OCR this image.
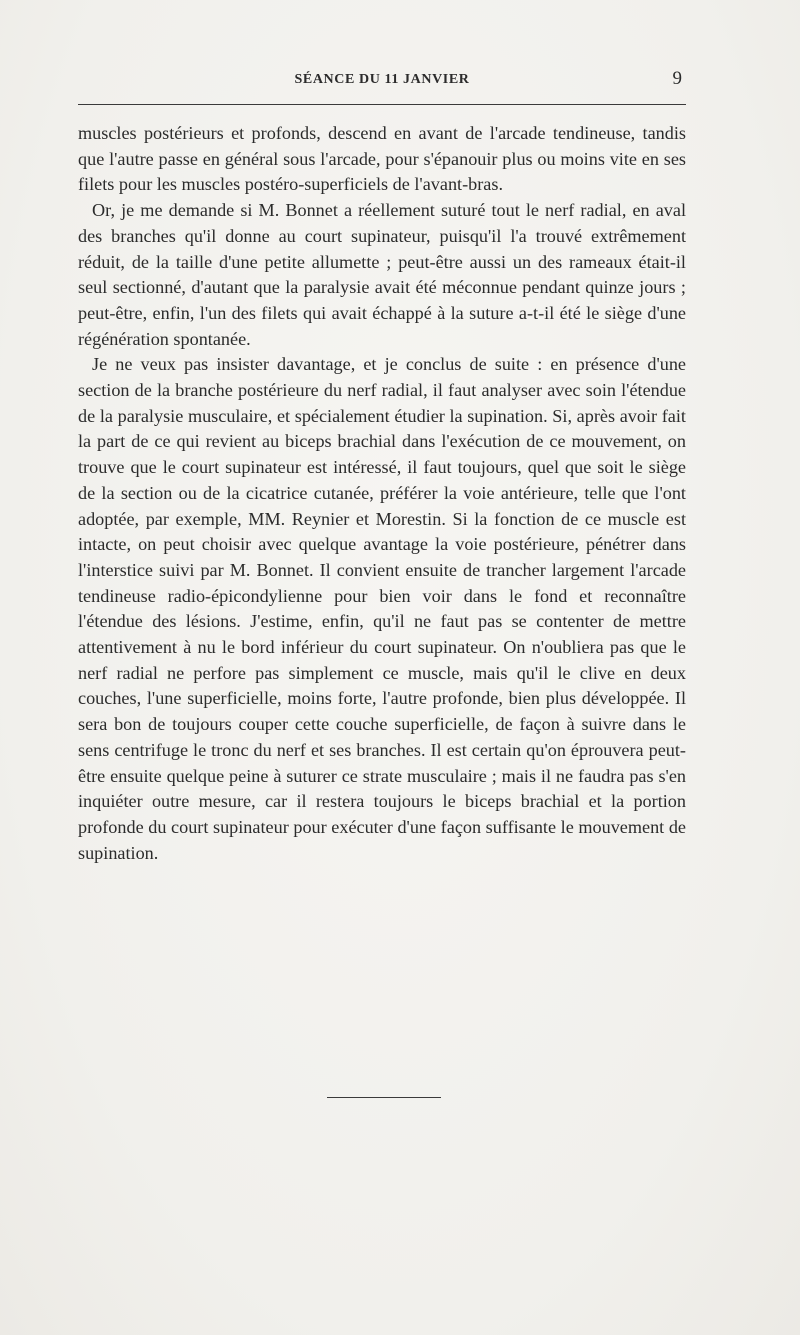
SÉANCE DU 11 JANVIER	9

muscles postérieurs et profonds, descend en avant de l'arcade tendineuse, tandis que l'autre passe en général sous l'arcade, pour s'épanouir plus ou moins vite en ses filets pour les muscles postéro-superficiels de l'avant-bras.

Or, je me demande si M. Bonnet a réellement suturé tout le nerf radial, en aval des branches qu'il donne au court supinateur, puisqu'il l'a trouvé extrêmement réduit, de la taille d'une petite allumette ; peut-être aussi un des rameaux était-il seul sectionné, d'autant que la paralysie avait été méconnue pendant quinze jours ; peut-être, enfin, l'un des filets qui avait échappé à la suture a-t-il été le siège d'une régénération spontanée.

Je ne veux pas insister davantage, et je conclus de suite : en présence d'une section de la branche postérieure du nerf radial, il faut analyser avec soin l'étendue de la paralysie musculaire, et spécialement étudier la supination. Si, après avoir fait la part de ce qui revient au biceps brachial dans l'exécution de ce mouvement, on trouve que le court supinateur est intéressé, il faut toujours, quel que soit le siège de la section ou de la cicatrice cutanée, préférer la voie antérieure, telle que l'ont adoptée, par exemple, MM. Reynier et Morestin. Si la fonction de ce muscle est intacte, on peut choisir avec quelque avantage la voie postérieure, pénétrer dans l'interstice suivi par M. Bonnet. Il convient ensuite de trancher largement l'arcade tendineuse radio-épicondylienne pour bien voir dans le fond et reconnaître l'étendue des lésions. J'estime, enfin, qu'il ne faut pas se contenter de mettre attentivement à nu le bord inférieur du court supinateur. On n'oubliera pas que le nerf radial ne perfore pas simplement ce muscle, mais qu'il le clive en deux couches, l'une superficielle, moins forte, l'autre profonde, bien plus développée. Il sera bon de toujours couper cette couche superficielle, de façon à suivre dans le sens centrifuge le tronc du nerf et ses branches. Il est certain qu'on éprouvera peut-être ensuite quelque peine à suturer ce strate musculaire ; mais il ne faudra pas s'en inquiéter outre mesure, car il restera toujours le biceps brachial et la portion profonde du court supinateur pour exécuter d'une façon suffisante le mouvement de supination.
